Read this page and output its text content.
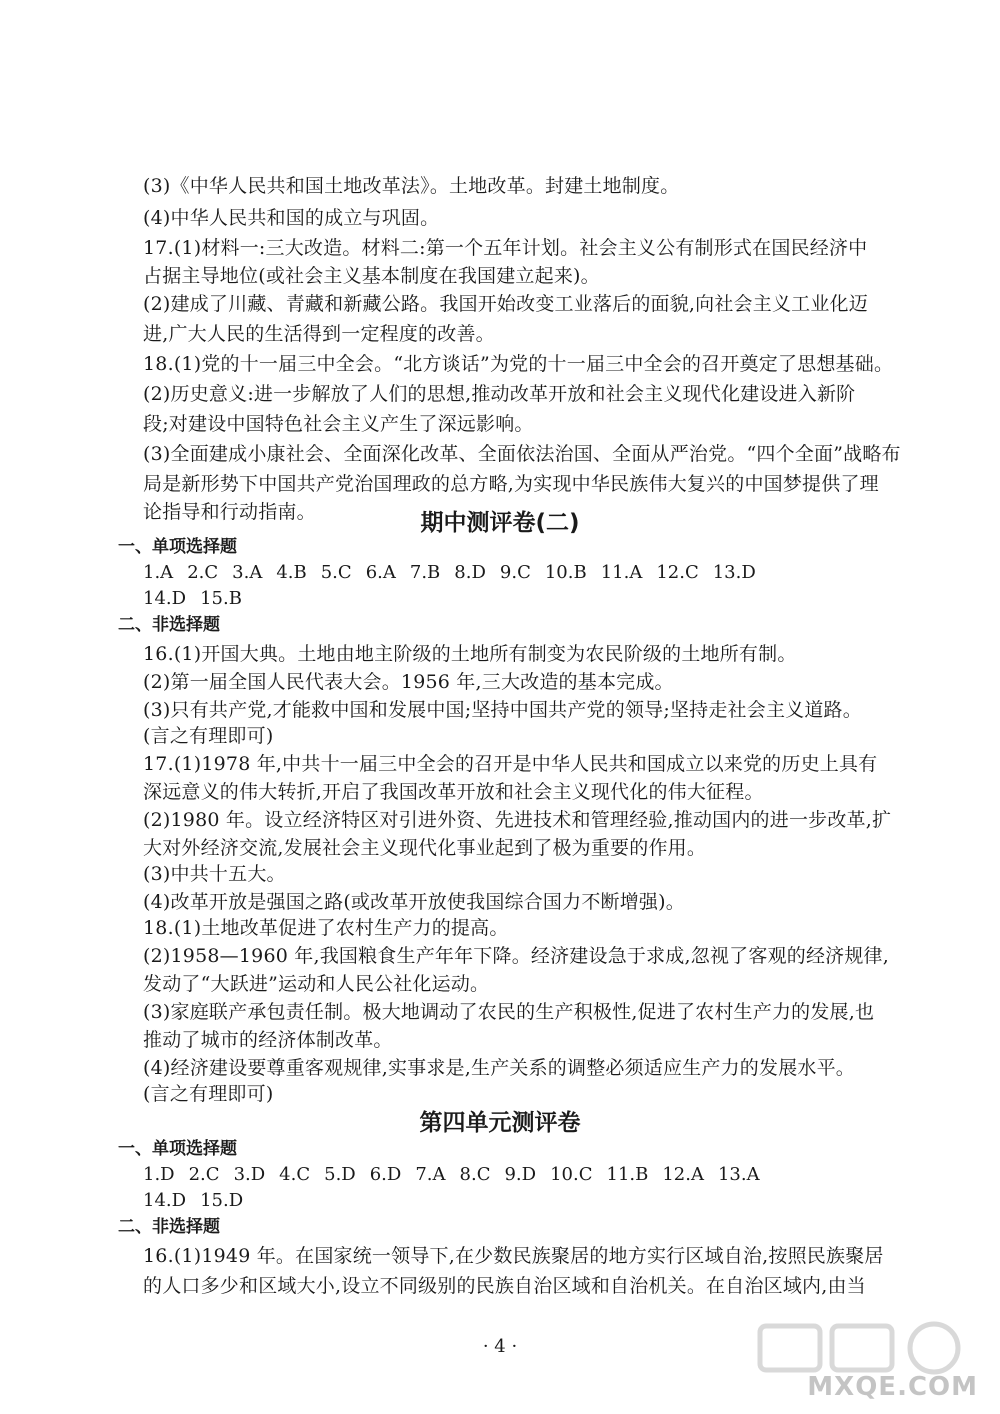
(3)《中华人民共和国土地改革法》。土地改革。封建土地制度。
(4)中华人民共和国的成立与巩固。
17.(1)材料一:三大改造。材料二:第一个五年计划。社会主义公有制形式在国民经济中
占据主导地位(或社会主义基本制度在我国建立起来)。
(2)建成了川藏、青藏和新藏公路。我国开始改变工业落后的面貌,向社会主义工业化迈
进,广大人民的生活得到一定程度的改善。
18.(1)党的十一届三中全会。“北方谈话”为党的十一届三中全会的召开奠定了思想基础。
(2)历史意义:进一步解放了人们的思想,推动改革开放和社会主义现代化建设进入新阶
段;对建设中国特色社会主义产生了深远影响。
(3)全面建成小康社会、全面深化改革、全面依法治国、全面从严治党。“四个全面”战略布
局是新形势下中国共产党治国理政的总方略,为实现中华民族伟大复兴的中国梦提供了理
论指导和行动指南。	期中测评卷(二)
一、单项选择题
1.A 2.C 3.A 4.B 5.C 6.A 7.B 8.D 9.C 10.B 11.A 12.C 13.D
14.D 15.B
二、非选择题
16.(1)开国大典。土地由地主阶级的土地所有制变为农民阶级的土地所有制。
(2)第一届全国人民代表大会。1956 年,三大改造的基本完成。
(3)只有共产党,才能救中国和发展中国;坚持中国共产党的领导;坚持走社会主义道路。
(言之有理即可)
17.(1)1978 年,中共十一届三中全会的召开是中华人民共和国成立以来党的历史上具有
深远意义的伟大转折,开启了我国改革开放和社会主义现代化的伟大征程。
(2)1980 年。设立经济特区对引进外资、先进技术和管理经验,推动国内的进一步改革,扩
大对外经济交流,发展社会主义现代化事业起到了极为重要的作用。
(3)中共十五大。
(4)改革开放是强国之路(或改革开放使我国综合国力不断增强)。
18.(1)土地改革促进了农村生产力的提高。
(2)1958—1960 年,我国粮食生产年年下降。经济建设急于求成,忽视了客观的经济规律,
发动了“大跃进”运动和人民公社化运动。
(3)家庭联产承包责任制。极大地调动了农民的生产积极性,促进了农村生产力的发展,也
推动了城市的经济体制改革。
(4)经济建设要尊重客观规律,实事求是,生产关系的调整必须适应生产力的发展水平。
(言之有理即可)
第四单元测评卷
一、单项选择题
1.D 2.C 3.D 4.C 5.D 6.D 7.A 8.C 9.D 10.C 11.B 12.A 13.A
14.D 15.D
二、非选择题
16.(1)1949 年。在国家统一领导下,在少数民族聚居的地方实行区域自治,按照民族聚居
的人口多少和区域大小,设立不同级别的民族自治区域和自治机关。在自治区域内,由当
· 4 ·
MXQE.COM
